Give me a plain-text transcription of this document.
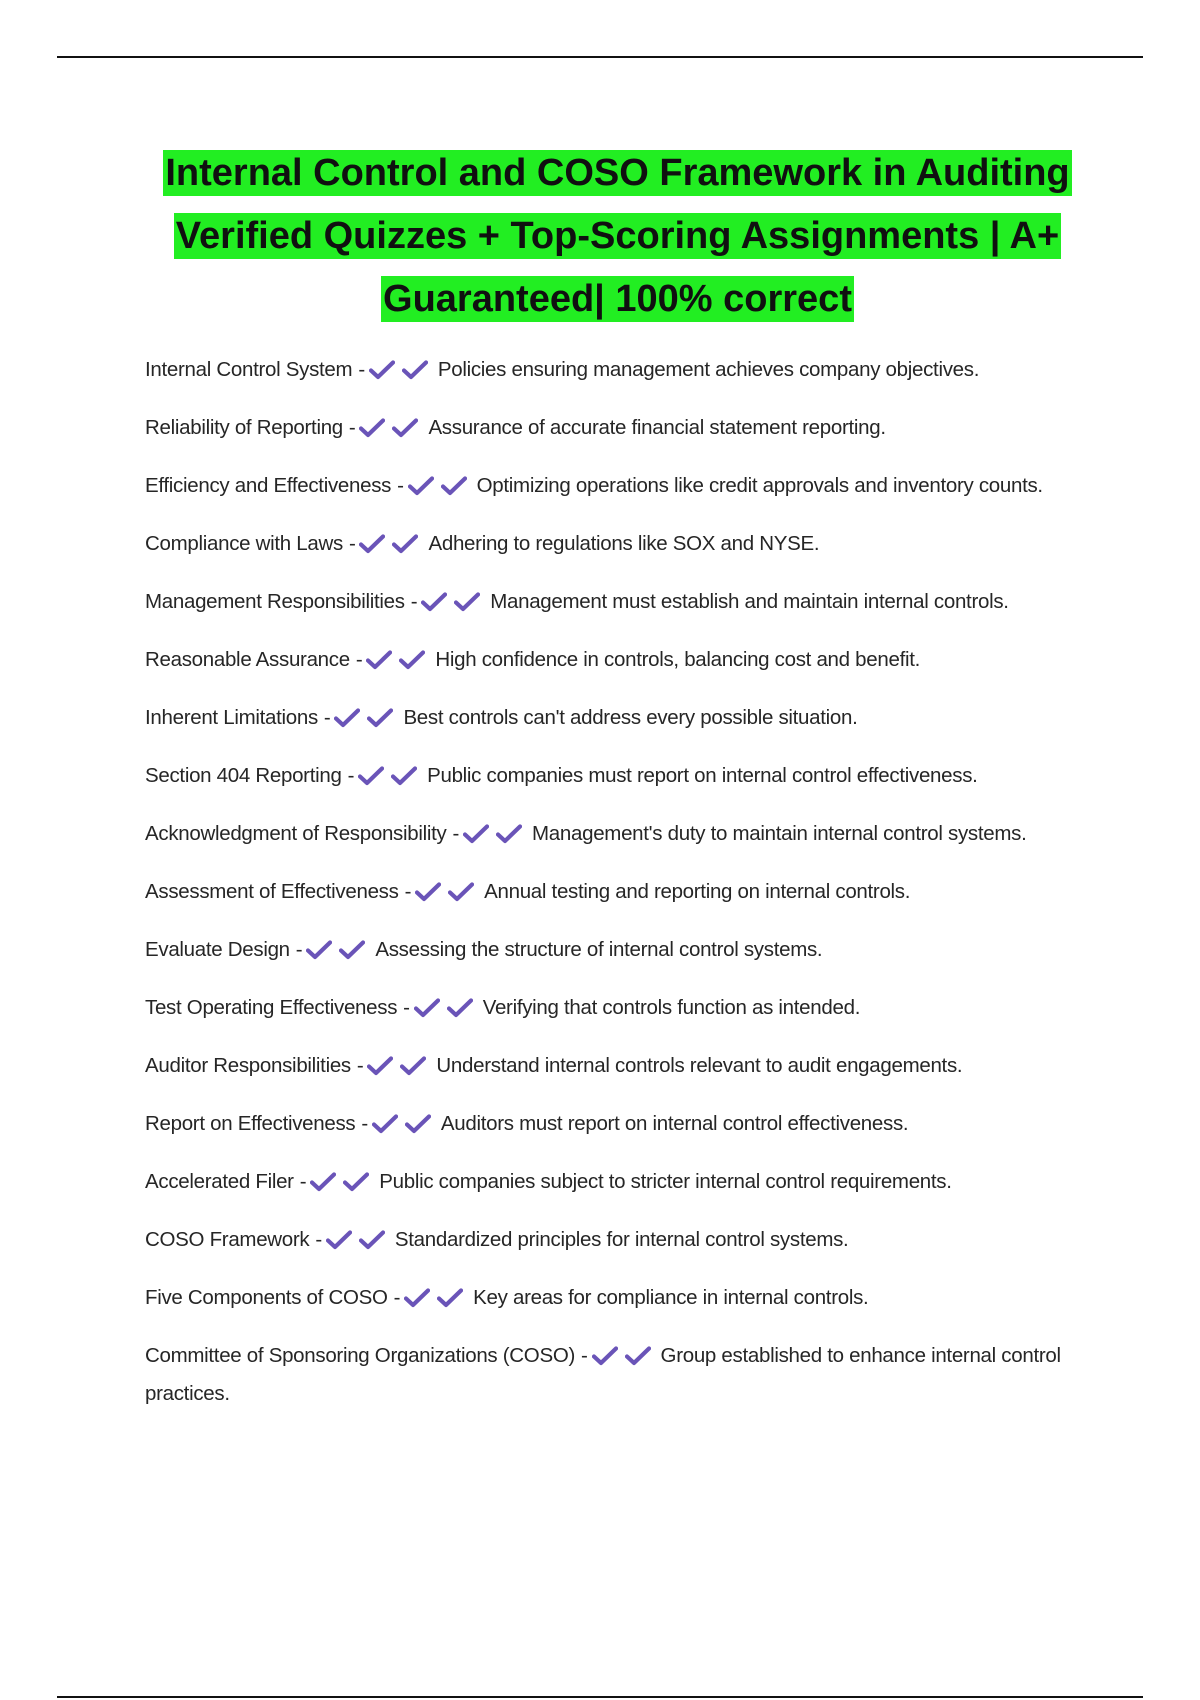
Internal Control and COSO Framework in Auditing
Verified Quizzes + Top-Scoring Assignments | A+
Guaranteed| 100% correct
Internal Control System -	Policies ensuring management achieves company objectives.
Reliability of Reporting -	Assurance of accurate financial statement reporting.
Efficiency and Effectiveness -	Optimizing operations like credit approvals and inventory counts.
Compliance with Laws -	Adhering to regulations like SOX and NYSE.
Management Responsibilities -	Management must establish and maintain internal controls.
Reasonable Assurance -	High confidence in controls, balancing cost and benefit.
Inherent Limitations -	Best controls can't address every possible situation.
Section 404 Reporting -	Public companies must report on internal control effectiveness.
Acknowledgment of Responsibility -	Management's duty to maintain internal control systems.
Assessment of Effectiveness -	Annual testing and reporting on internal controls.
Evaluate Design -	Assessing the structure of internal control systems.
Test Operating Effectiveness -	Verifying that controls function as intended.
Auditor Responsibilities -	Understand internal controls relevant to audit engagements.
Report on Effectiveness -	Auditors must report on internal control effectiveness.
Accelerated Filer -	Public companies subject to stricter internal control requirements.
COSO Framework -	Standardized principles for internal control systems.
Five Components of COSO -	Key areas for compliance in internal controls.
Committee of Sponsoring Organizations (COSO) -	Group established to enhance internal control practices.
